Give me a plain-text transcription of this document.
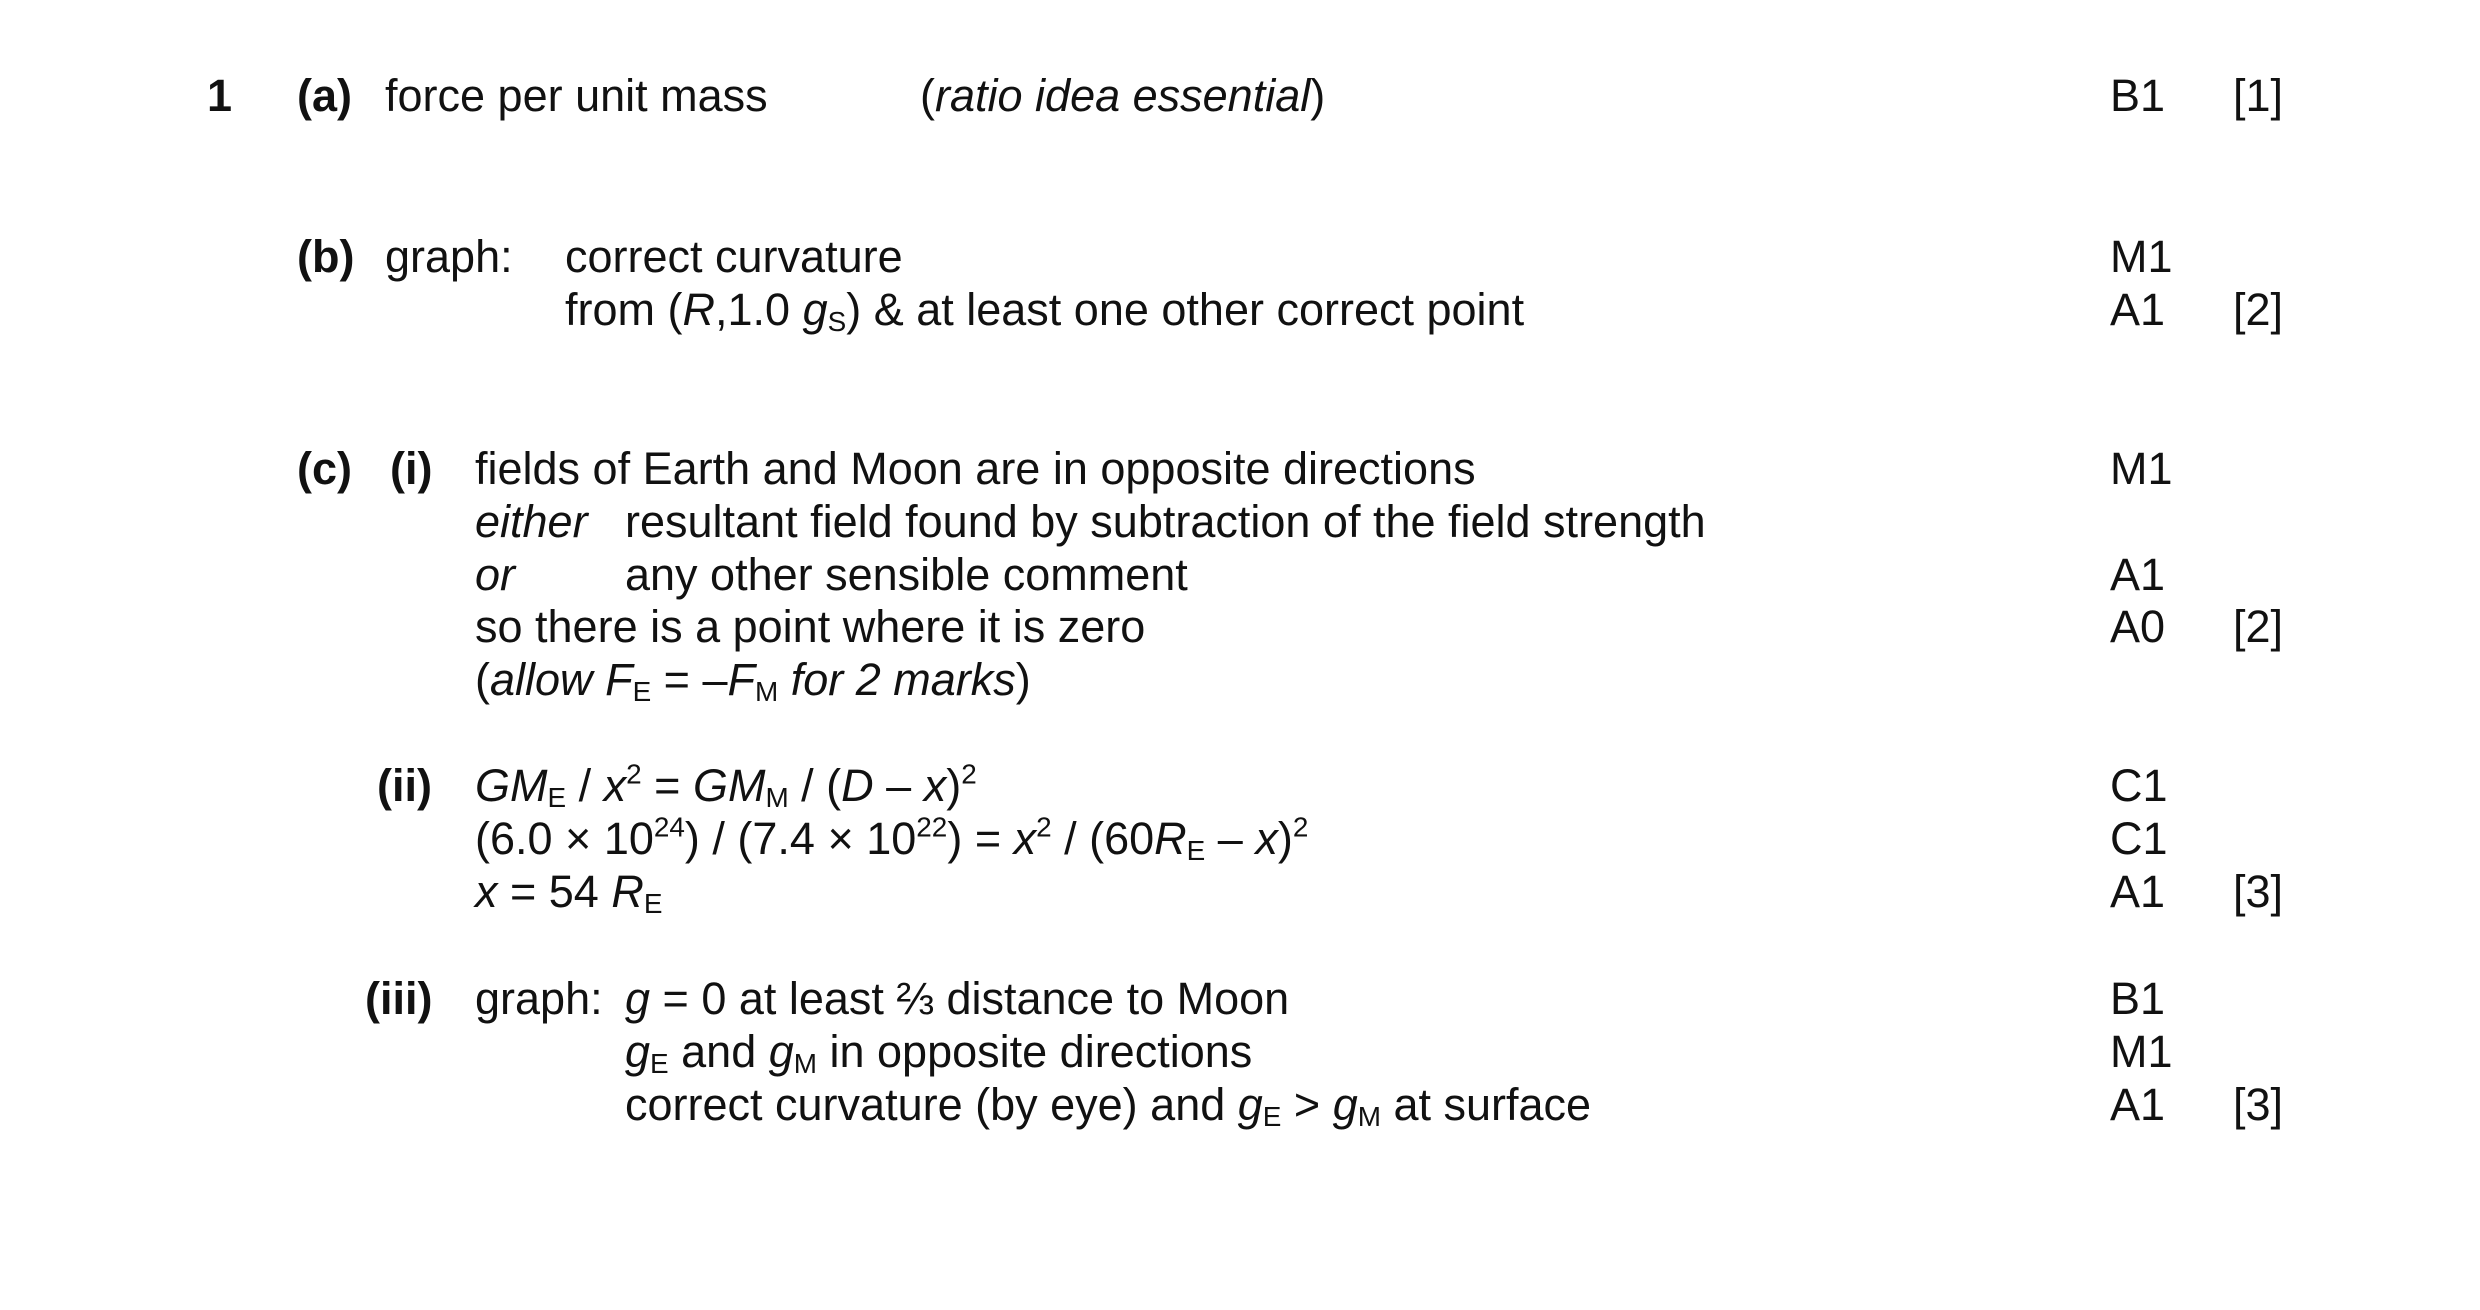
1 (a) force per unit mass	(ratio idea essential)	B1 [1]
(b) graph: correct curvature	M1
from (R,1.0 $g_S$) & at least one other correct point	A1 [2]
(c) (i) fields of Earth and Moon are in opposite directions	M1
either resultant field found by subtraction of the field strength
or any other sensible comment	A1
so there is a point where it is zero	A0 [2]
(allow $F_E = -F_M$ for 2 marks)
(ii) $GM_E / x^2 = GM_M / (D - x)^2$	C1
$(6.0 \times 10^{24}) / (7.4 \times 10^{22}) = x^2 / (60R_E - x)^2$	C1
x = 54 $R_E$	A1 [3]
(iii) graph: g = 0 at least ⅔ distance to Moon	B1
$g_E$ and $g_M$ in opposite directions	M1
correct curvature (by eye) and $g_E > g_M$ at surface	A1 [3]
